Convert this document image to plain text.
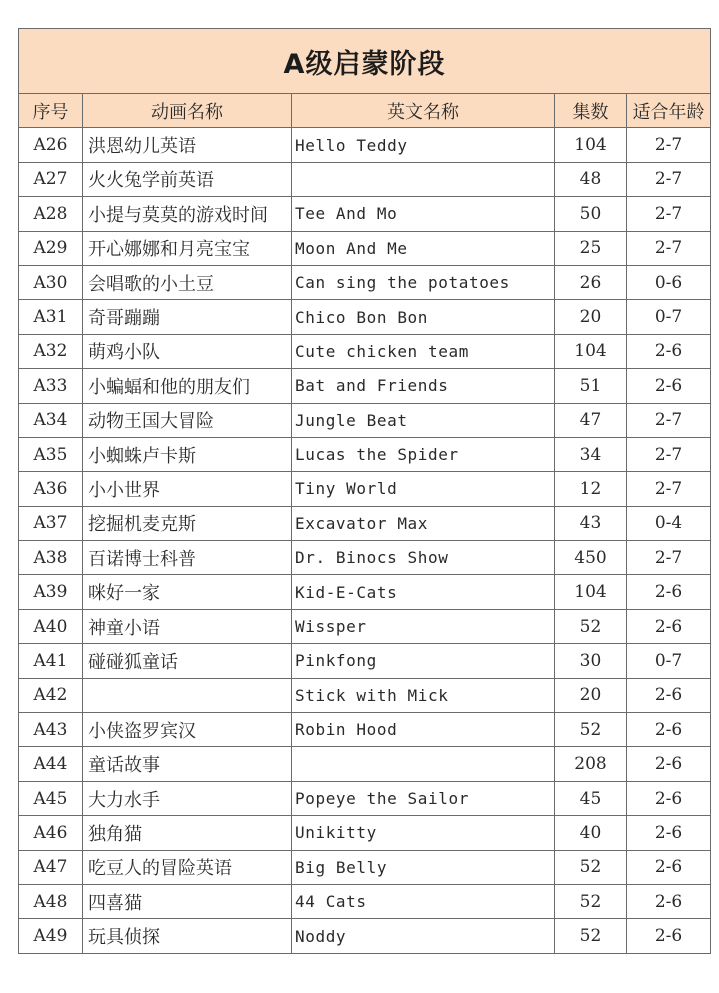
A级启蒙阶段				
序号	动画名称	英文名称	集数	适合年龄
A26	洪恩幼儿英语	Hello Teddy	104	2-7
A27	火火兔学前英语		48	2-7
A28	小提与莫莫的游戏时间	Tee And Mo	50	2-7
A29	开心娜娜和月亮宝宝	Moon And Me	25	2-7
A30	会唱歌的小土豆	Can sing the potatoes	26	0-6
A31	奇哥蹦蹦	Chico Bon Bon	20	0-7
A32	萌鸡小队	Cute chicken team	104	2-6
A33	小蝙蝠和他的朋友们	Bat and Friends	51	2-6
A34	动物王国大冒险	Jungle Beat	47	2-7
A35	小蜘蛛卢卡斯	Lucas the Spider	34	2-7
A36	小小世界	Tiny World	12	2-7
A37	挖掘机麦克斯	Excavator Max	43	0-4
A38	百诺博士科普	Dr. Binocs Show	450	2-7
A39	咪好一家	Kid-E-Cats	104	2-6
A40	神童小语	Wissper	52	2-6
A41	碰碰狐童话	Pinkfong	30	0-7
A42		Stick with Mick	20	2-6
A43	小侠盗罗宾汉	Robin Hood	52	2-6
A44	童话故事		208	2-6
A45	大力水手	Popeye the Sailor	45	2-6
A46	独角猫	Unikitty	40	2-6
A47	吃豆人的冒险英语	Big Belly	52	2-6
A48	四喜猫	44 Cats	52	2-6
A49	玩具侦探	Noddy	52	2-6
